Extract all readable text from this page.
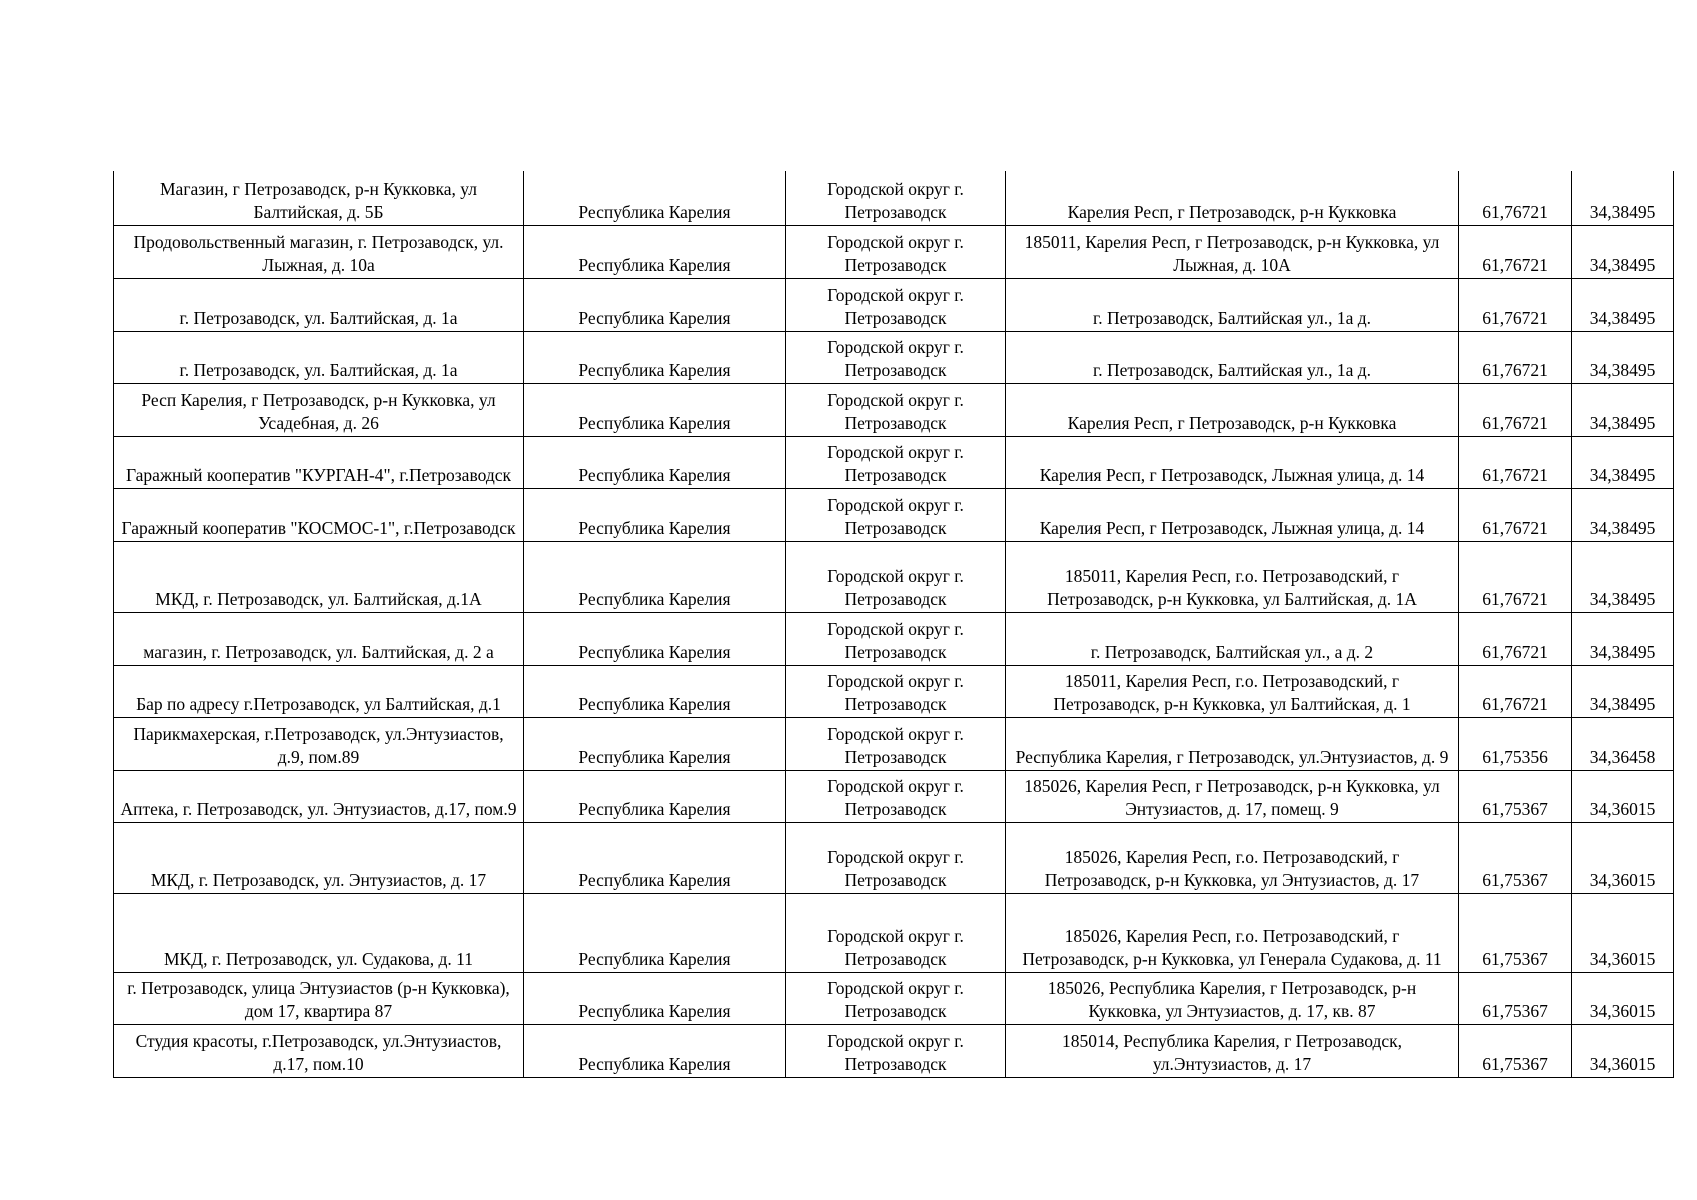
Магазин, г Петрозаводск, р-н Кукковка, ул Балтийская, д. 5Б	Республика Карелия	Городской округ г. Петрозаводск	Карелия Респ, г Петрозаводск, р-н Кукковка	61,76721	34,38495
Продовольственный магазин, г. Петрозаводск, ул. Лыжная, д. 10а	Республика Карелия	Городской округ г. Петрозаводск	185011, Карелия Респ, г Петрозаводск, р-н Кукковка, ул Лыжная, д. 10А	61,76721	34,38495
г. Петрозаводск, ул. Балтийская, д. 1а	Республика Карелия	Городской округ г. Петрозаводск	г. Петрозаводск, Балтийская ул., 1а д.	61,76721	34,38495
г. Петрозаводск, ул. Балтийская, д. 1а	Республика Карелия	Городской округ г. Петрозаводск	г. Петрозаводск, Балтийская ул., 1а д.	61,76721	34,38495
Респ Карелия, г Петрозаводск, р-н Кукковка, ул Усадебная, д. 26	Республика Карелия	Городской округ г. Петрозаводск	Карелия Респ, г Петрозаводск, р-н Кукковка	61,76721	34,38495
Гаражный кооператив "КУРГАН-4", г.Петрозаводск	Республика Карелия	Городской округ г. Петрозаводск	Карелия Респ, г Петрозаводск, Лыжная улица, д. 14	61,76721	34,38495
Гаражный кооператив "КОСМОС-1", г.Петрозаводск	Республика Карелия	Городской округ г. Петрозаводск	Карелия Респ, г Петрозаводск, Лыжная улица, д. 14	61,76721	34,38495
МКД, г. Петрозаводск, ул. Балтийская, д.1А	Республика Карелия	Городской округ г. Петрозаводск	185011, Карелия Респ, г.о. Петрозаводский, г Петрозаводск, р-н Кукковка, ул Балтийская, д. 1А	61,76721	34,38495
магазин, г. Петрозаводск, ул. Балтийская, д. 2 а	Республика Карелия	Городской округ г. Петрозаводск	г. Петрозаводск, Балтийская ул., а д. 2	61,76721	34,38495
Бар по адресу г.Петрозаводск, ул Балтийская, д.1	Республика Карелия	Городской округ г. Петрозаводск	185011, Карелия Респ, г.о. Петрозаводский, г Петрозаводск, р-н Кукковка, ул Балтийская, д. 1	61,76721	34,38495
Парикмахерская, г.Петрозаводск, ул.Энтузиастов, д.9, пом.89	Республика Карелия	Городской округ г. Петрозаводск	Республика Карелия, г Петрозаводск, ул.Энтузиастов, д. 9	61,75356	34,36458
Аптека, г. Петрозаводск, ул. Энтузиастов, д.17, пом.9	Республика Карелия	Городской округ г. Петрозаводск	185026, Карелия Респ, г Петрозаводск, р-н Кукковка, ул Энтузиастов, д. 17, помещ. 9	61,75367	34,36015
МКД, г. Петрозаводск, ул. Энтузиастов, д. 17	Республика Карелия	Городской округ г. Петрозаводск	185026, Карелия Респ, г.о. Петрозаводский, г Петрозаводск, р-н Кукковка, ул Энтузиастов, д. 17	61,75367	34,36015
МКД, г. Петрозаводск, ул. Судакова, д. 11	Республика Карелия	Городской округ г. Петрозаводск	185026, Карелия Респ, г.о. Петрозаводский, г Петрозаводск, р-н Кукковка, ул Генерала Судакова, д. 11	61,75367	34,36015
г. Петрозаводск, улица Энтузиастов (р-н Кукковка), дом 17, квартира 87	Республика Карелия	Городской округ г. Петрозаводск	185026, Республика Карелия, г Петрозаводск, р-н Кукковка, ул Энтузиастов, д. 17, кв. 87	61,75367	34,36015
Студия красоты, г.Петрозаводск, ул.Энтузиастов, д.17, пом.10	Республика Карелия	Городской округ г. Петрозаводск	185014, Республика Карелия, г Петрозаводск, ул.Энтузиастов, д. 17	61,75367	34,36015
